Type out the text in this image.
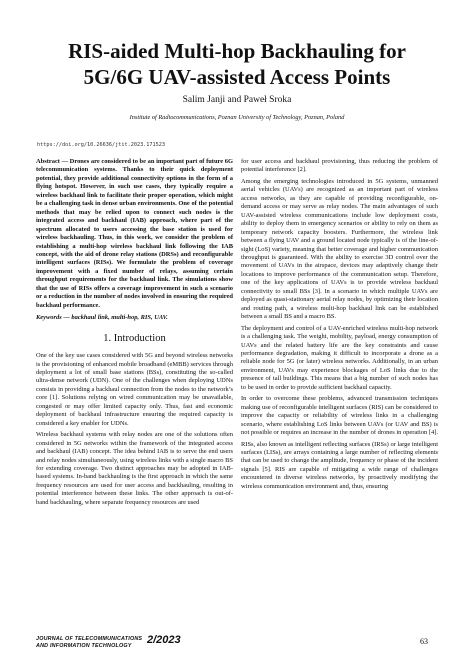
RIS-aided Multi-hop Backhauling for
5G/6G UAV-assisted Access Points
Salim Janji and Paweł Sroka
Institute of Radiocommunications, Poznan University of Technology, Poznan, Poland
https://doi.org/10.26636/jtit.2023.171523

Abstract — Drones are considered to be an important part of future 6G telecommunication systems. Thanks to their quick deployment potential, they provide additional connectivity options in the form of a flying hotspot. However, in such use cases, they typically require a wireless backhaul link to facilitate their proper operation, which might be a challenging task in dense urban environments. One of the potential methods that may be relied upon to connect such nodes is the integrated access and backhaul (IAB) approach, where part of the spectrum allocated to users accessing the base station is used for wireless backhauling. Thus, in this work, we consider the problem of establishing a multi-hop wireless backhaul link following the IAB concept, with the aid of drone relay stations (DRSs) and reconfigurable intelligent surfaces (RISs). We formulate the problem of coverage improvement with a fixed number of relays, assuming certain throughput requirements for the backhaul link. The simulations show that the use of RISs offers a coverage improvement in such a scenario or a reduction in the number of nodes involved in ensuring the required backhaul performance.

Keywords — backhaul link, multi-hop, RIS, UAV.

1. Introduction

One of the key use cases considered with 5G and beyond wireless networks is the provisioning of enhanced mobile broadband (eMBB) services through deployment a lot of small base stations (BSs), constituting the so-called ultra-dense network (UDN). One of the challenges when deploying UDNs consists in providing a backhaul connection from the nodes to the network’s core [1]. Solutions relying on wired communication may be unavailable, congested or may offer limited capacity only. Thus, fast and economic deployment of backhaul infrastructure ensuring the required capacity is considered a key enabler for UDNs.

Wireless backhaul systems with relay nodes are one of the solutions often considered in 5G networks within the framework of the integrated access and backhaul (IAB) concept. The idea behind IAB is to serve the end users and relay nodes simultaneously, using wireless links with a single macro BS for extending coverage. Two distinct approaches may be adopted in IAB-based systems. In-band backhauling is the first approach in which the same frequency resources are used for user access and backhauling, resulting in potential interference between these links. The other approach is out-of-band backhauling, where separate frequency resources are used

for user access and backhaul provisioning, thus reducing the problem of potential interference [2].

Among the emerging technologies introduced in 5G systems, unmanned aerial vehicles (UAVs) are recognized as an important part of wireless access networks, as they are capable of providing reconfigurable, on-demand access or may serve as relay nodes. The main advantages of such UAV-assisted wireless communications include low deployment costs, ability to deploy them in emergency scenarios or ability to rely on them as temporary network capacity boosters. Furthermore, the wireless link between a flying UAV and a ground located node typically is of the line-of-sight (LoS) variety, meaning that better coverage and higher communication throughput is guaranteed. With the ability to exercise 3D control over the movement of UAVs in the airspace, devices may adaptively change their locations to improve performance of the communication setup. Therefore, one of the key applications of UAVs is to provide wireless backhaul connectivity to small BSs [3]. In a scenario in which multiple UAVs are deployed as quasi-stationary aerial relay nodes, by optimizing their location and routing path, a wireless multi-hop backhaul link can be established between a small BS and a macro BS.

The deployment and control of a UAV-enriched wireless multi-hop network is a challenging task. The weight, mobility, payload, energy consumption of UAVs and the related battery life are the key constraints and cause performance degradation, making it difficult to incorporate a drone as a reliable node for 5G (or later) wireless networks. Additionally, in an urban environment, UAVs may experience blockages of LoS links due to the presence of tall buildings. This means that a big number of such nodes has to be used in order to provide sufficient backhaul capacity.

In order to overcome these problems, advanced transmission techniques making use of reconfigurable intelligent surfaces (RIS) can be considered to improve the capacity or reliability of wireless links in a challenging scenario, where establishing LoS links between UAVs (or UAV and BS) is not possible or requires an increase in the number of drones in operation [4].

RISs, also known as intelligent reflecting surfaces (IRSs) or large intelligent surfaces (LISs), are arrays containing a large number of reflecting elements that can be used to change the amplitude, frequency or phase of the incident signals [5]. RIS are capable of mitigating a wide range of challenges encountered in diverse wireless networks, by proactively modifying the wireless communication environment and, thus, ensuring

JOURNAL OF TELECOMMUNICATIONS
AND INFORMATION TECHNOLOGY	2/2023	63
